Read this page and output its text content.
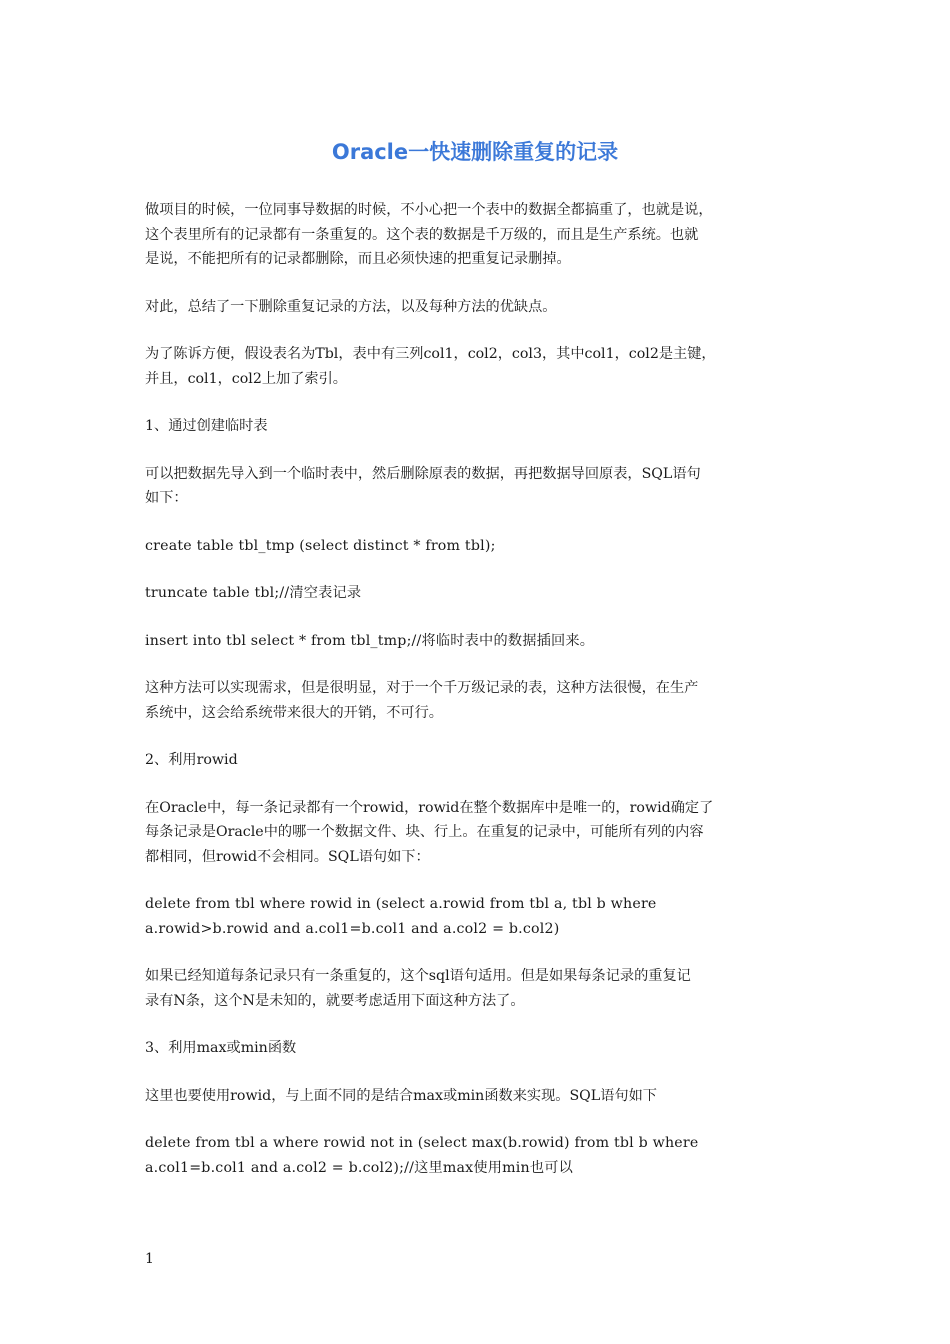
Oracle一快速删除重复的记录

做项目的时候，一位同事导数据的时候，不小心把一个表中的数据全都搞重了，也就是说，
这个表里所有的记录都有一条重复的。这个表的数据是千万级的，而且是生产系统。也就
是说，不能把所有的记录都删除，而且必须快速的把重复记录删掉。

对此，总结了一下删除重复记录的方法，以及每种方法的优缺点。

为了陈诉方便，假设表名为Tbl，表中有三列col1，col2，col3，其中col1，col2是主键，
并且，col1，col2上加了索引。

1、通过创建临时表

可以把数据先导入到一个临时表中，然后删除原表的数据，再把数据导回原表，SQL语句
如下：

create table tbl_tmp (select distinct * from tbl);

truncate table tbl;//清空表记录

insert into tbl select * from tbl_tmp;//将临时表中的数据插回来。

这种方法可以实现需求，但是很明显，对于一个千万级记录的表，这种方法很慢，在生产
系统中，这会给系统带来很大的开销，不可行。

2、利用rowid

在Oracle中，每一条记录都有一个rowid，rowid在整个数据库中是唯一的，rowid确定了
每条记录是Oracle中的哪一个数据文件、块、行上。在重复的记录中，可能所有列的内容
都相同，但rowid不会相同。SQL语句如下：

delete from tbl where rowid in (select a.rowid from tbl a, tbl b where
a.rowid>b.rowid and a.col1=b.col1 and a.col2 = b.col2)

如果已经知道每条记录只有一条重复的，这个sql语句适用。但是如果每条记录的重复记
录有N条，这个N是未知的，就要考虑适用下面这种方法了。

3、利用max或min函数

这里也要使用rowid，与上面不同的是结合max或min函数来实现。SQL语句如下

delete from tbl a where rowid not in (select max(b.rowid) from tbl b where
a.col1=b.col1 and a.col2 = b.col2);//这里max使用min也可以

1
